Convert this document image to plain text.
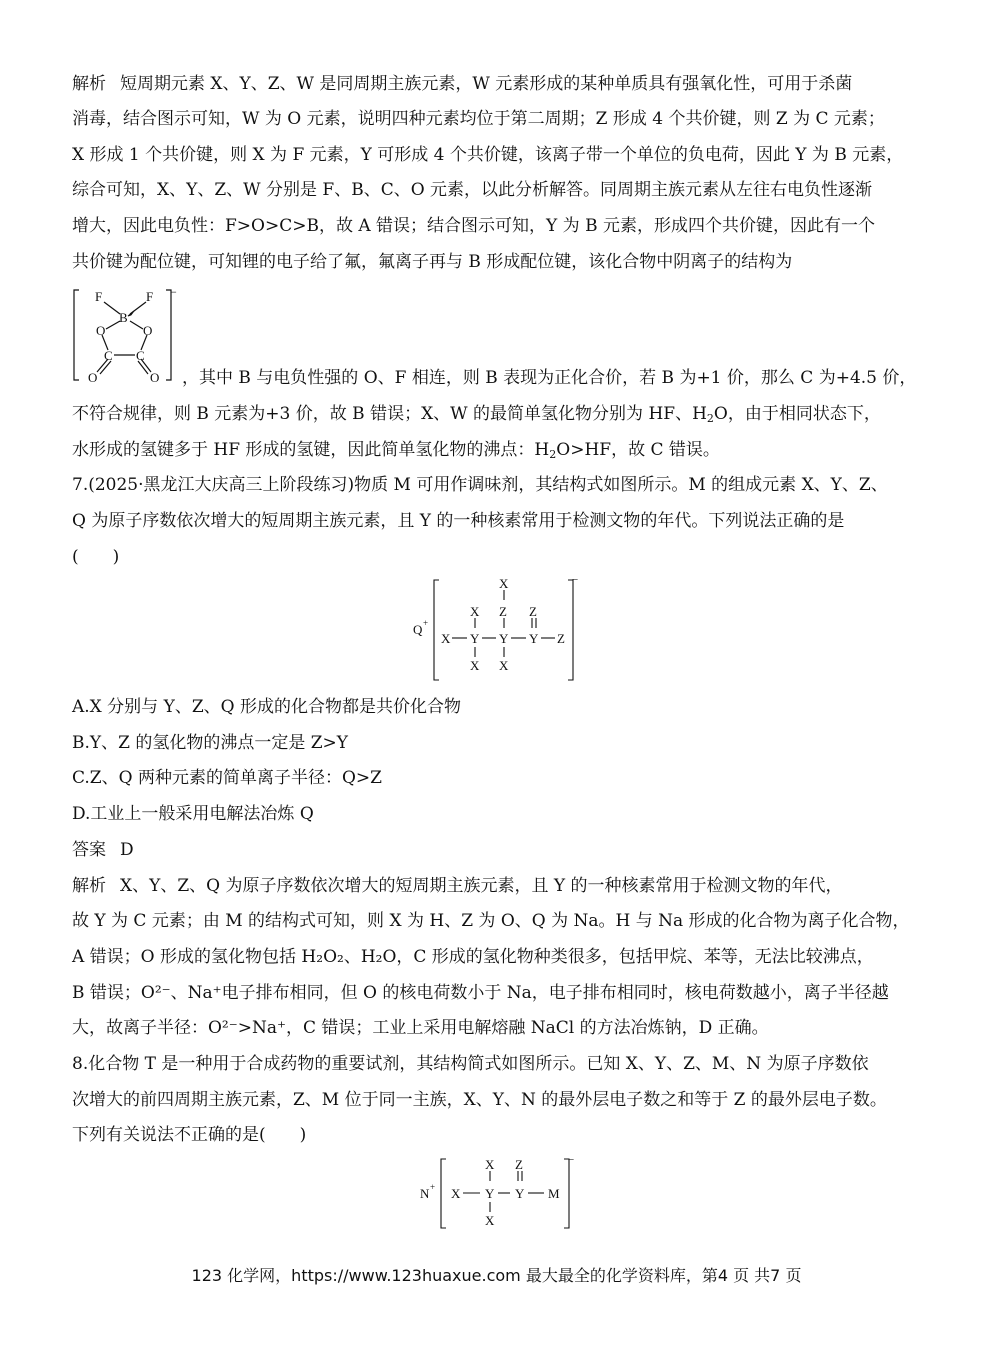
解析 短周期元素 X、Y、Z、W 是同周期主族元素，W 元素形成的某种单质具有强氧化性，可用于杀菌
消毒，结合图示可知，W 为 O 元素，说明四种元素均位于第二周期；Z 形成 4 个共价键，则 Z 为 C 元素；
X 形成 1 个共价键，则 X 为 F 元素，Y 可形成 4 个共价键，该离子带一个单位的负电荷，因此 Y 为 B 元素，
综合可知，X、Y、Z、W 分别是 F、B、C、O 元素，以此分析解答。同周期主族元素从左往右电负性逐渐
增大，因此电负性：F>O>C>B，故 A 错误；结合图示可知，Y 为 B 元素，形成四个共价键，因此有一个
共价键为配位键，可知锂的电子给了氟，氟离子再与 B 形成配位键，该化合物中阴离子的结构为
F	F
B
O	O
C C
O	O
−
，其中 B 与电负性强的 O、F 相连，则 B 表现为正化合价，若 B 为+1 价，那么 C 为+4.5 价，
不符合规律，则 B 元素为+3 价，故 B 错误；X、W 的最简单氢化物分别为 HF、$H_2O$，由于相同状态下，
水形成的氢键多于 HF 形成的氢键，因此简单氢化物的沸点：$H_2O>HF$，故 C 错误。
7.(2025·黑龙江大庆高三上阶段练习)物质 M 可用作调味剂，其结构式如图所示。M 的组成元素 X、Y、Z、
Q 为原子序数依次增大的短周期主族元素，且 Y 的一种核素常用于检测文物的年代。下列说法正确的是
(　　)
Q +
X
X Z Z
X Y Y Y Z
X X
−
A.X 分别与 Y、Z、Q 形成的化合物都是共价化合物
B.Y、Z 的氢化物的沸点一定是 Z>Y
C.Z、Q 两种元素的简单离子半径：Q>Z
D.工业上一般采用电解法冶炼 Q
答案 D
解析 X、Y、Z、Q 为原子序数依次增大的短周期主族元素，且 Y 的一种核素常用于检测文物的年代，
故 Y 为 C 元素；由 M 的结构式可知，则 X 为 H、Z 为 O、Q 为 Na。H 与 Na 形成的化合物为离子化合物，
A 错误；O 形成的氢化物包括 H₂O₂、H₂O，C 形成的氢化物种类很多，包括甲烷、苯等，无法比较沸点，
B 错误；O²⁻、Na⁺电子排布相同，但 O 的核电荷数小于 Na，电子排布相同时，核电荷数越小，离子半径越
大，故离子半径：O²⁻>Na⁺，C 错误；工业上采用电解熔融 NaCl 的方法冶炼钠，D 正确。
8.化合物 T 是一种用于合成药物的重要试剂，其结构简式如图所示。已知 X、Y、Z、M、N 为原子序数依
次增大的前四周期主族元素，Z、M 位于同一主族，X、Y、N 的最外层电子数之和等于 Z 的最外层电子数。
下列有关说法不正确的是(　　)
N +
X Z
X Y Y M
X
−
123 化学网，https://www.123huaxue.com 最大最全的化学资料库，第4 页 共7 页
